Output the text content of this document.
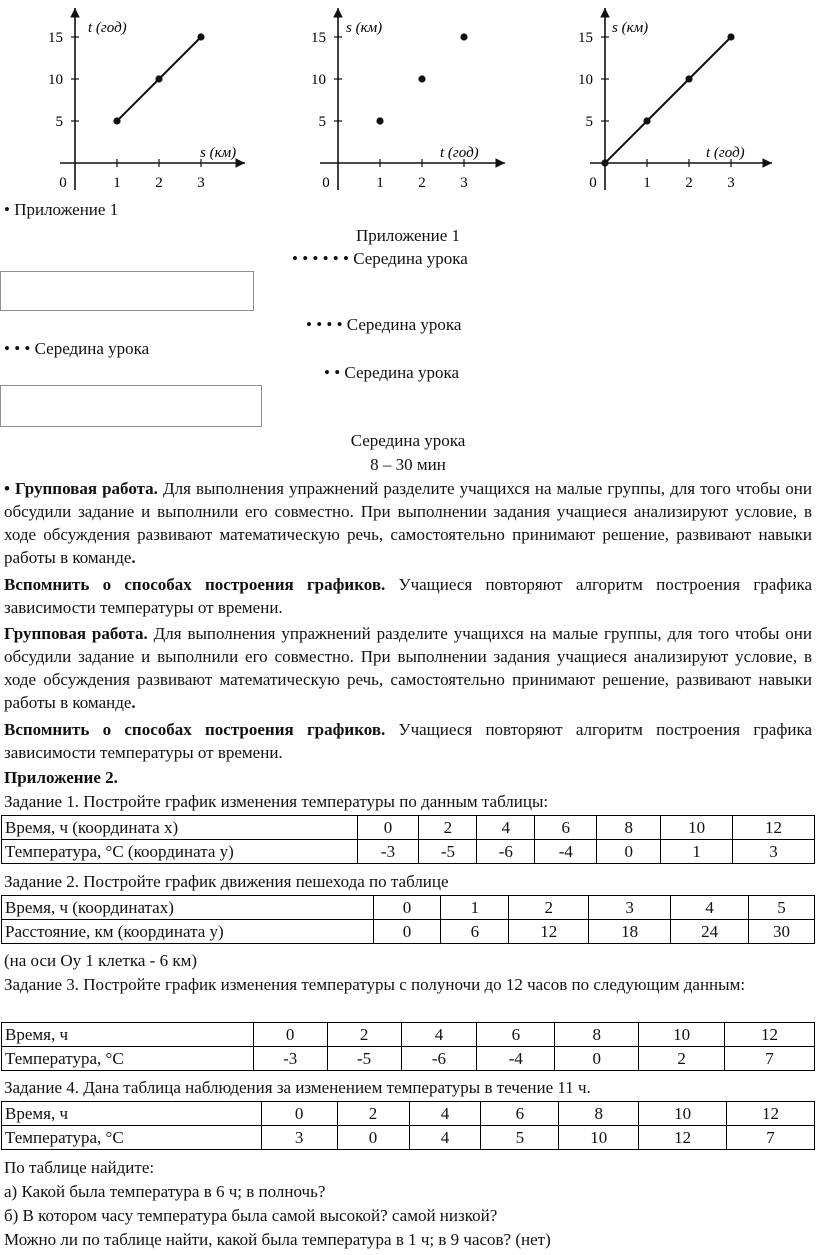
15
10
5
0	1 2 3
t (год)
s (км)
15
10
5
0	1 2 3
s (км)
t (год)
15
10
5
0	1 2 3
s (км)
t (год)
• Приложение 1
Приложение 1
• • • • • • Середина урока
• • • • Середина урока
• • • Середина урока
• • Середина урока
Середина урока
8 – 30 мин
• Групповая работа. Для выполнения упражнений разделите учащихся на малые группы, для того чтобы они обсудили задание и выполнили его совместно. При выполнении задания учащиеся анализируют условие, в ходе обсуждения развивают математическую речь, самостоятельно принимают решение, развивают навыки работы в команде.
Вспомнить о способах построения графиков. Учащиеся повторяют алгоритм построения графика зависимости температуры от времени.
Групповая работа. Для выполнения упражнений разделите учащихся на малые группы, для того чтобы они обсудили задание и выполнили его совместно. При выполнении задания учащиеся анализируют условие, в ходе обсуждения развивают математическую речь, самостоятельно принимают решение, развивают навыки работы в команде.
Вспомнить о способах построения графиков. Учащиеся повторяют алгоритм построения графика зависимости температуры от времени.
Приложение 2.
Задание 1. Постройте график изменения температуры по данным таблицы:
Время, ч (координата х)	0	2	4	6	8	10	12
Температура, °С (координата у)	-3	-5	-6	-4	0	1	3
Задание 2. Постройте график движения пешехода по таблице
Время, ч (координатах)	0	1	2	3	4	5
Расстояние, км (координата у)	0	6	12	18	24	30
(на оси Оу 1 клетка - 6 км)
Задание 3. Постройте график изменения температуры с полуночи до 12 часов по следующим данным:
Время, ч	0	2	4	6	8	10	12
Температура, °С	-3	-5	-6	-4	0	2	7
Задание 4. Дана таблица наблюдения за изменением температуры в течение 11 ч.
Время, ч	0	2	4	6	8	10	12
Температура, °С	3	0	4	5	10	12	7
По таблице найдите:
а) Какой была температура в 6 ч; в полночь?
б) В котором часу температура была самой высокой? самой низкой?
Можно ли по таблице найти, какой была температура в 1 ч; в 9 часов? (нет)
